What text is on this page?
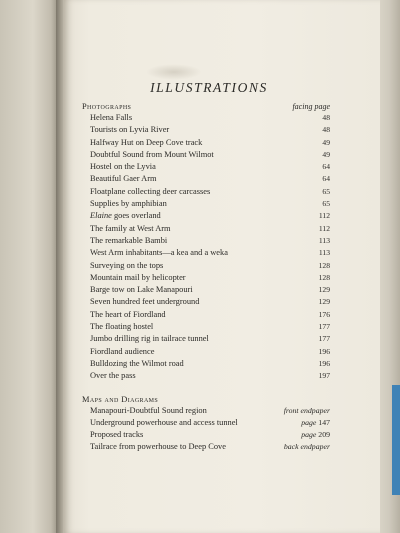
ILLUSTRATIONS
Photographs	facing page
Helena Falls	48
Tourists on Lyvia River	48
Halfway Hut on Deep Cove track	49
Doubtful Sound from Mount Wilmot	49
Hostel on the Lyvia	64
Beautiful Gaer Arm	64
Floatplane collecting deer carcasses	65
Supplies by amphibian	65
Elaine goes overland	112
The family at West Arm	112
The remarkable Bambi	113
West Arm inhabitants—a kea and a weka	113
Surveying on the tops	128
Mountain mail by helicopter	128
Barge tow on Lake Manapouri	129
Seven hundred feet underground	129
The heart of Fiordland	176
The floating hostel	177
Jumbo drilling rig in tailrace tunnel	177
Fiordland audience	196
Bulldozing the Wilmot road	196
Over the pass	197
Maps and Diagrams
Manapouri-Doubtful Sound region	front endpaper
Underground powerhouse and access tunnel	page 147
Proposed tracks	page 209
Tailrace from powerhouse to Deep Cove	back endpaper
